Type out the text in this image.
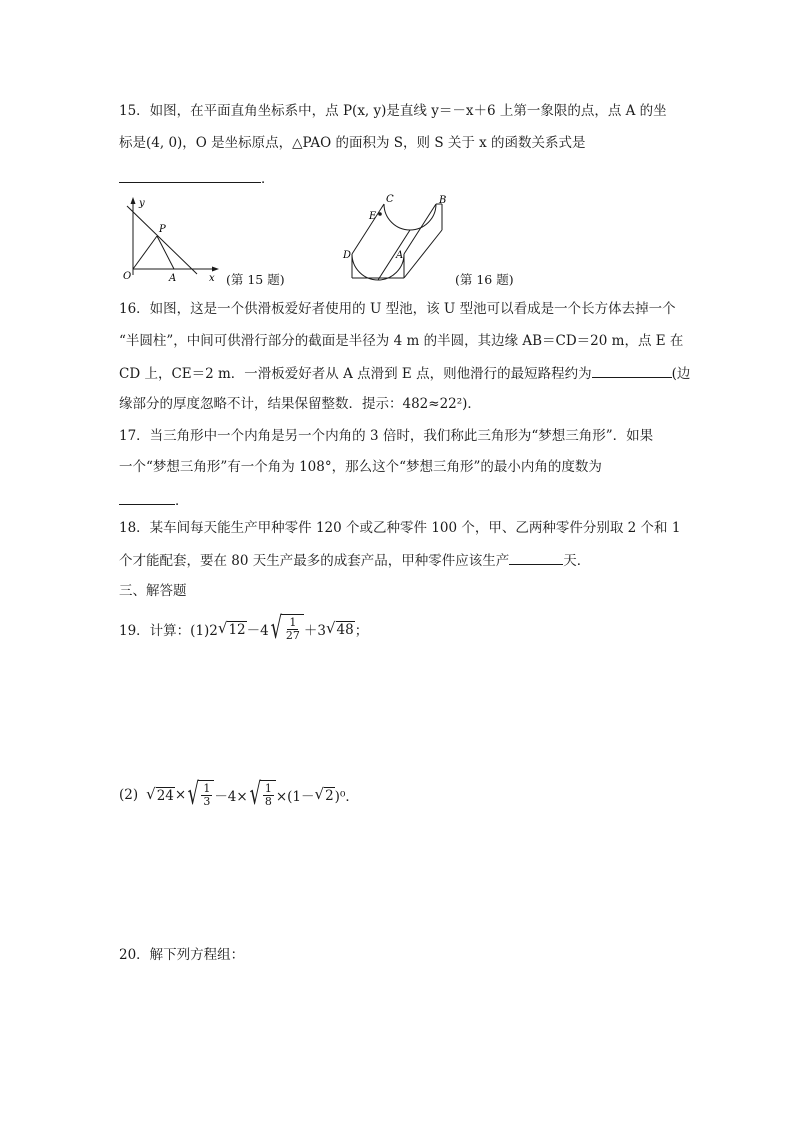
15．如图，在平面直角坐标系中，点 P(x, y)是直线 y＝－x＋6 上第一象限的点，点 A 的坐
标是(4, 0)，O 是坐标原点，△PAO 的面积为 S，则 S 关于 x 的函数关系式是
．
y
x
O
P
A	(第 15 题)
C	B
E
D	A
(第 16 题)
16．如图，这是一个供滑板爱好者使用的 U 型池，该 U 型池可以看成是一个长方体去掉一个
“半圆柱”，中间可供滑行部分的截面是半径为 4 m 的半圆，其边缘 AB＝CD＝20 m，点 E 在
CD 上，CE＝2 m．一滑板爱好者从 A 点滑到 E 点，则他滑行的最短路程约为	(边
缘部分的厚度忽略不计，结果保留整数．提示：482≈22²)．
17．当三角形中一个内角是另一个内角的 3 倍时，我们称此三角形为“梦想三角形”．如果
一个“梦想三角形”有一个角为 108°，那么这个“梦想三角形”的最小内角的度数为
．
18．某车间每天能生产甲种零件 120 个或乙种零件 100 个，甲、乙两种零件分别取 2 个和 1
个才能配套，要在 80 天生产最多的成套产品，甲种零件应该生产	天．
三、解答题
19．计算：(1)2 √ 12 －4 √ $\frac{1}{27} +3$ √ 48 ；
(2) √ 24 × √ $\frac{1}{3} -4\times$ √ $\frac{1}{8} \times(1-$ √ 2 )⁰．
20．解下列方程组：
